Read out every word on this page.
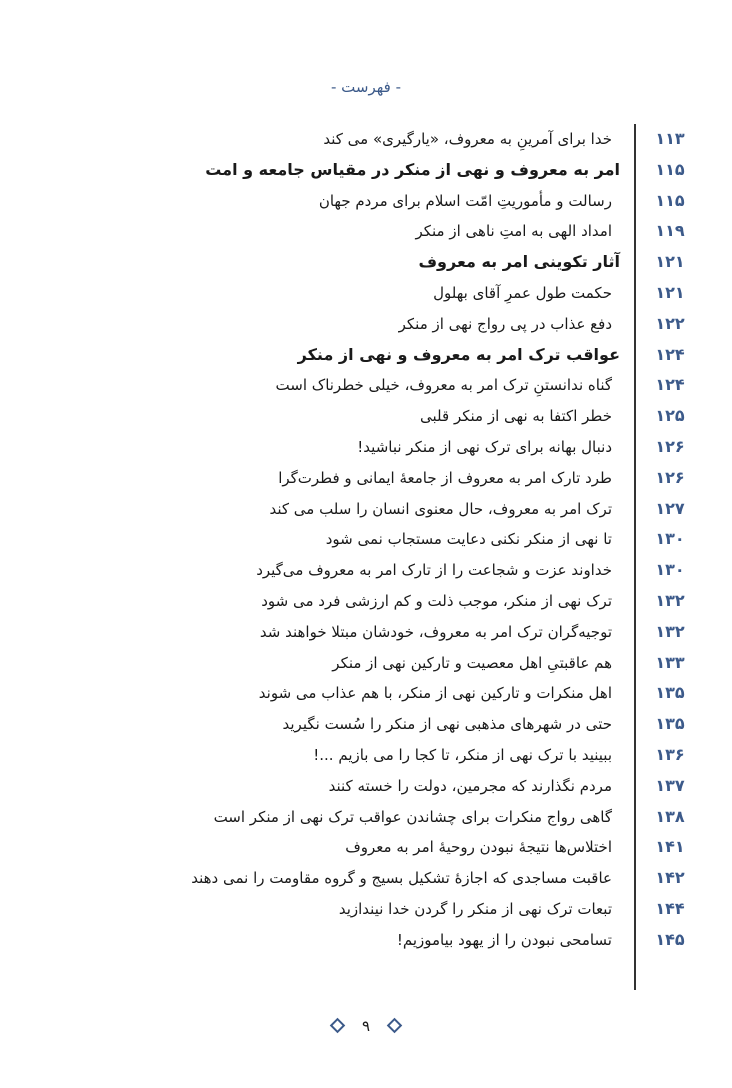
- فهرست -
۱۱۳
خدا برای آمرینِ به معروف، «یارگیری» می کند
۱۱۵
امر به معروف و نهی از منکر در مقیاس جامعه و امت
۱۱۵
رسالت و مأموریتِ امّت اسلام برای مردم جهان
۱۱۹
امداد الهی به امتِ ناهی از منکر
۱۲۱
آثار تکوینی امر به معروف
۱۲۱
حکمت طول عمرِ آقای بهلول
۱۲۲
دفع عذاب در پی رواج نهی از منکر
۱۲۴
عواقب ترک امر به معروف و نهی از منکر
۱۲۴
گناه ندانستنِ ترک امر به معروف، خیلی خطرناک است
۱۲۵
خطر اکتفا به نهی از منکر قلبی
۱۲۶
دنبال بهانه برای ترک نهی از منکر نباشید!
۱۲۶
طرد تارک امر به معروف از جامعهٔ ایمانی و فطرت‌گرا
۱۲۷
ترک امر به معروف، حال معنوی انسان را سلب می کند
۱۳۰
تا نهی از منکر نکنی دعایت مستجاب نمی شود
۱۳۰
خداوند عزت و شجاعت را از تارک امر به معروف می‌گیرد
۱۳۲
ترک نهی از منکر، موجب ذلت و کم ارزشی فرد می شود
۱۳۲
توجیه‌گران ترک امر به معروف، خودشان مبتلا خواهند شد
۱۳۳
هم عاقبتیِ اهل معصیت و تارکین نهی از منکر
۱۳۵
اهل منکرات و تارکین نهی از منکر، با هم عذاب می شوند
۱۳۵
حتی در شهرهای مذهبی نهی از منکر را سُست نگیرید
۱۳۶
ببینید با ترک نهی از منکر، تا کجا را می بازیم ...!
۱۳۷
مردم نگذارند که مجرمین، دولت را خسته کنند
۱۳۸
گاهی رواج منکرات برای چشاندن عواقب ترک نهی از منکر است
۱۴۱
اختلاس‌ها نتیجهٔ نبودن روحیهٔ امر به معروف
۱۴۲
عاقبت مساجدی که اجازهٔ تشکیل بسیج و گروه مقاومت را نمی دهند
۱۴۴
تبعات ترک نهی از منکر را گردن خدا نیندازید
۱۴۵
تسامحی نبودن را از یهود بیاموزیم!
۹
